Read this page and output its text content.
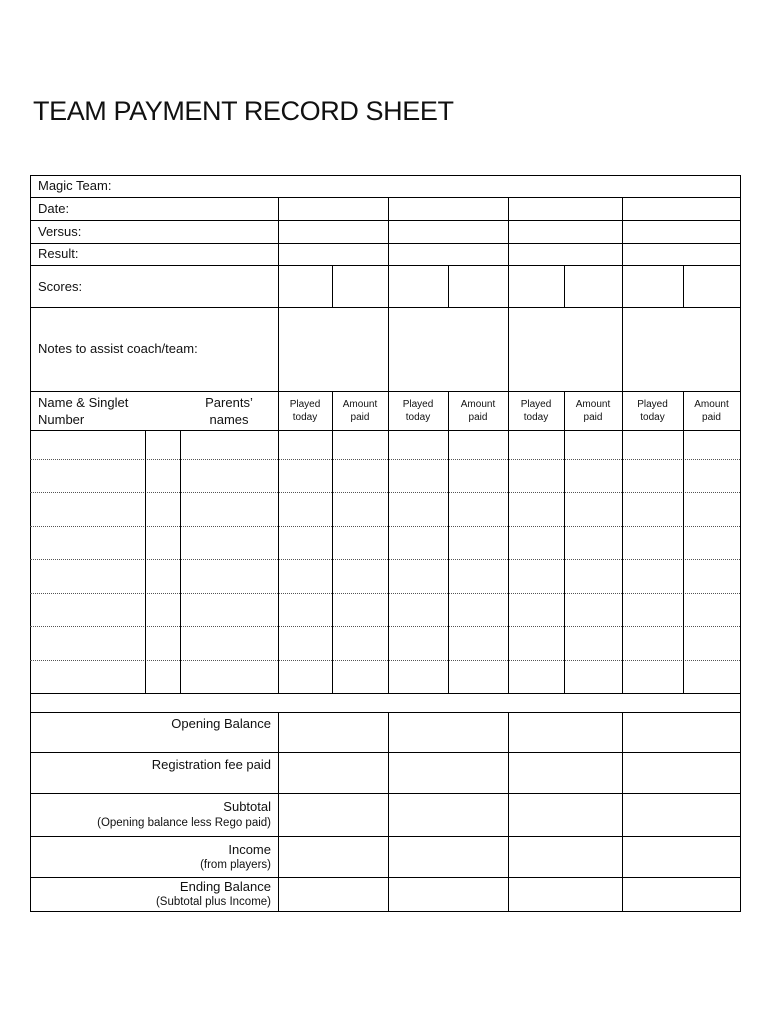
TEAM PAYMENT RECORD SHEET
Magic Team:
Date:
Versus:
Result:
Scores:
Notes to assist coach/team:
Name & Singlet
Number
Parents’
names
Played
today
Amount
paid
Played
today
Amount
paid
Played
today
Amount
paid
Played
today
Amount
paid
Opening Balance
Registration fee paid
Subtotal
(Opening balance less Rego paid)
Income
(from players)
Ending Balance
(Subtotal plus Income)
